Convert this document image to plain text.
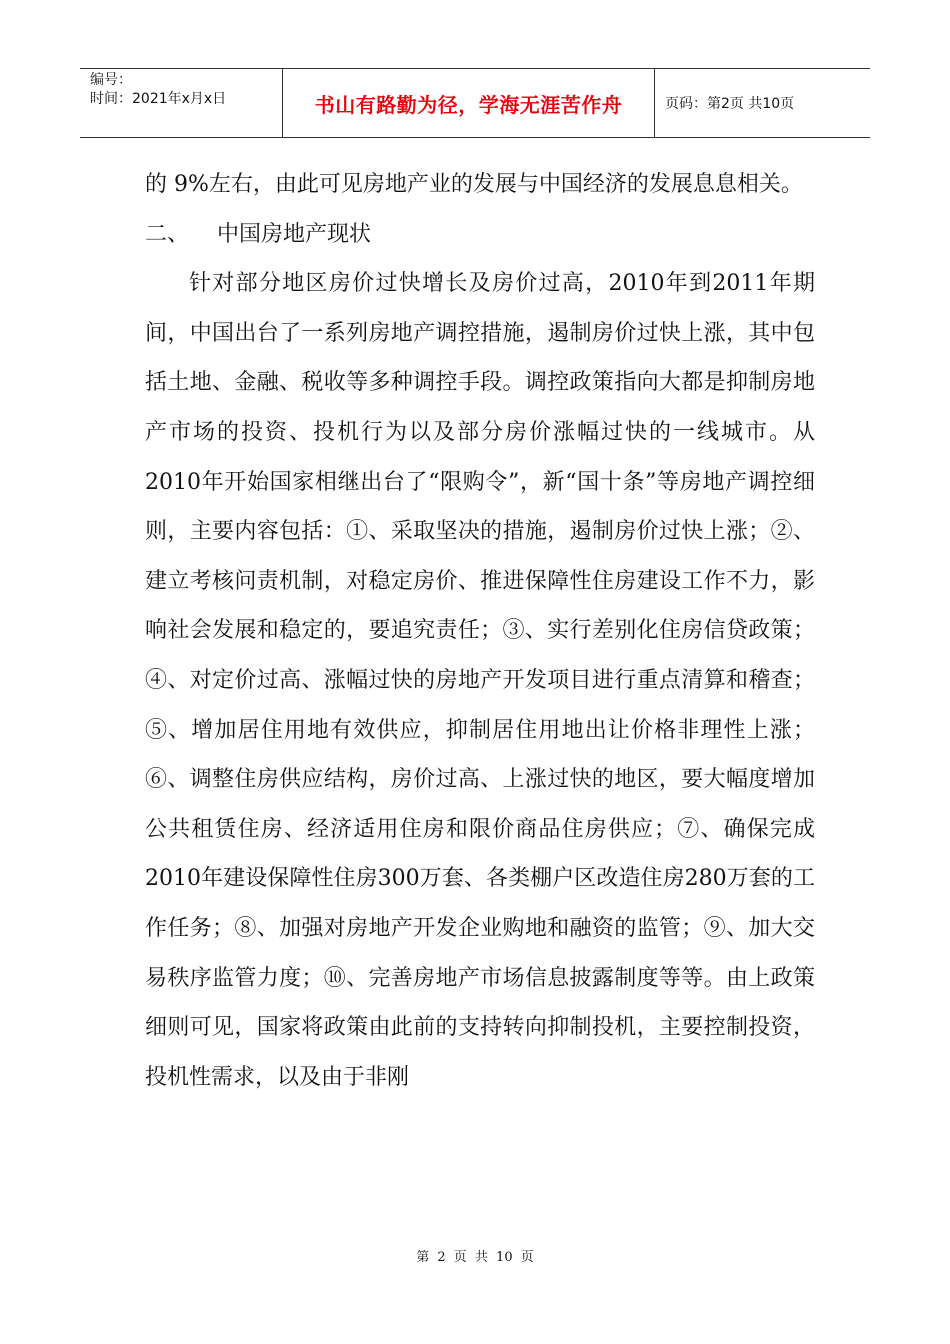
编号：
时间：2021年x月x日	书山有路勤为径，学海无涯苦作舟	页码：第2页 共10页

的 9%左右，由此可见房地产业的发展与中国经济的发展息息相关。

二、    中国房地产现状

针对部分地区房价过快增长及房价过高，2010年到2011年期间，中国出台了一系列房地产调控措施，遏制房价过快上涨，其中包括土地、金融、税收等多种调控手段。调控政策指向大都是抑制房地产市场的投资、投机行为以及部分房价涨幅过快的一线城市。从2010年开始国家相继出台了“限购令”，新“国十条”等房地产调控细则，主要内容包括：①、采取坚决的措施，遏制房价过快上涨；②、建立考核问责机制，对稳定房价、推进保障性住房建设工作不力，影响社会发展和稳定的，要追究责任；③、实行差别化住房信贷政策；④、对定价过高、涨幅过快的房地产开发项目进行重点清算和稽查；⑤、增加居住用地有效供应，抑制居住用地出让价格非理性上涨；⑥、调整住房供应结构，房价过高、上涨过快的地区，要大幅度增加公共租赁住房、经济适用住房和限价商品住房供应；⑦、确保完成2010年建设保障性住房300万套、各类棚户区改造住房280万套的工作任务；⑧、加强对房地产开发企业购地和融资的监管；⑨、加大交易秩序监管力度；⑩、完善房地产市场信息披露制度等等。由上政策细则可见，国家将政策由此前的支持转向抑制投机，主要控制投资，投机性需求，以及由于非刚

第 2 页 共 10 页
